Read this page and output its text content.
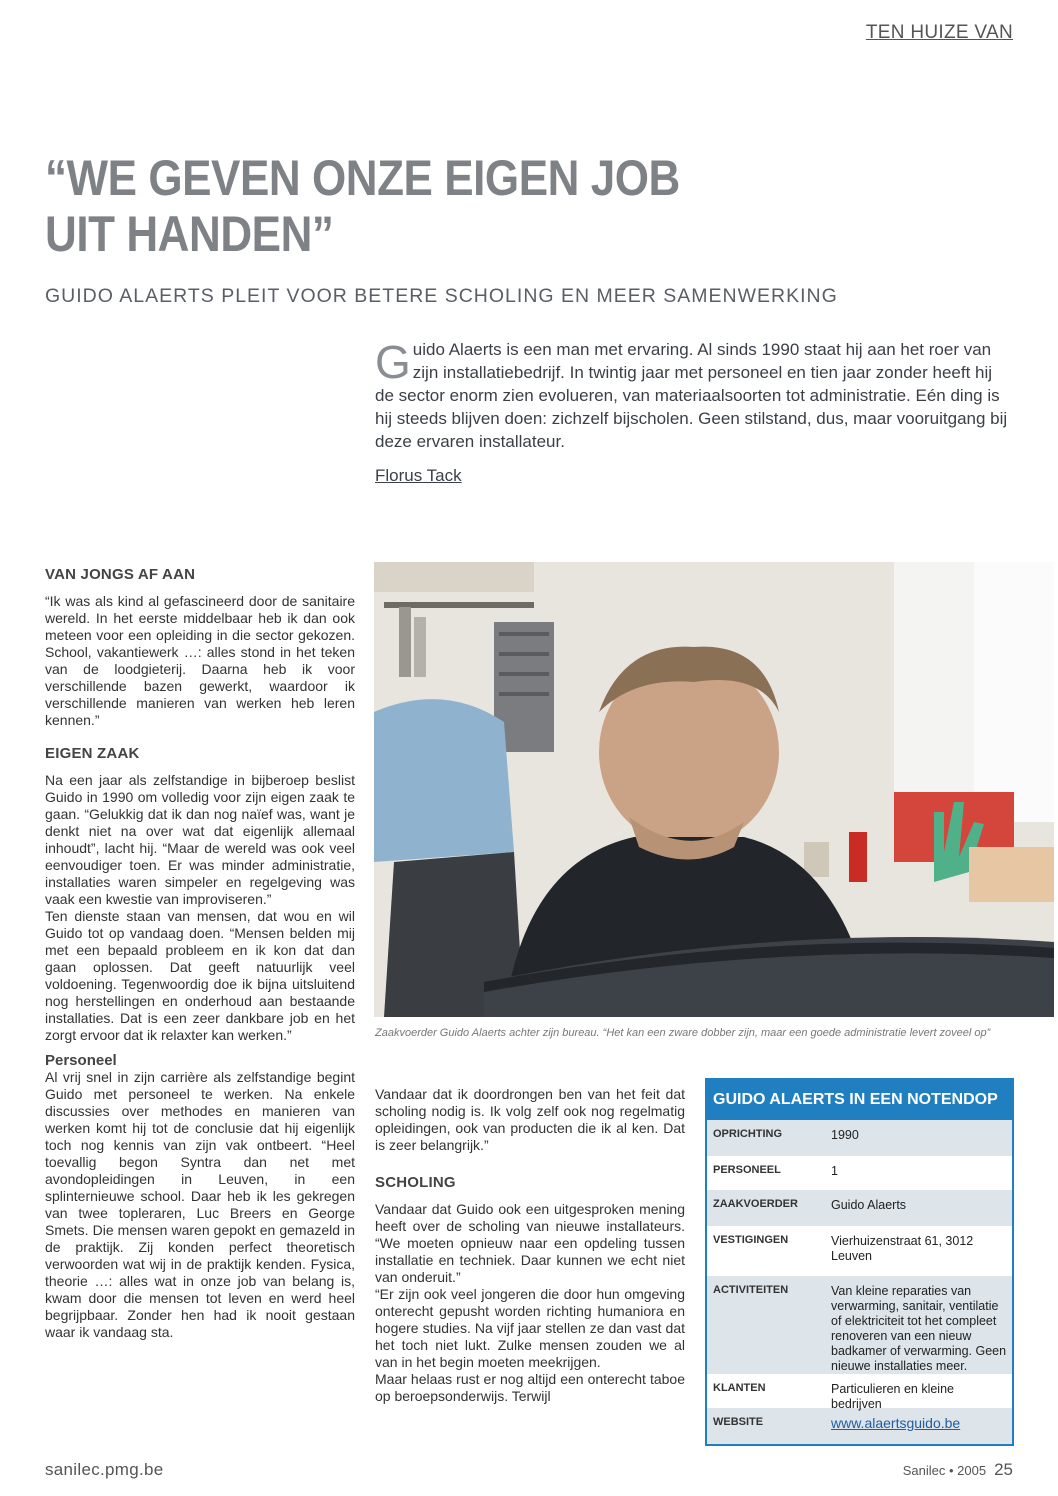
TEN HUIZE VAN
“WE GEVEN ONZE EIGEN JOB
UIT HANDEN”
GUIDO ALAERTS PLEIT VOOR BETERE SCHOLING EN MEER SAMENWERKING
Guido Alaerts is een man met ervaring. Al sinds 1990 staat hij aan het roer van zijn installatiebedrijf. In twintig jaar met personeel en tien jaar zonder heeft hij de sector enorm zien evolueren, van materiaalsoorten tot administratie. Eén ding is hij steeds blijven doen: zichzelf bijscholen. Geen stilstand, dus, maar vooruitgang bij deze ervaren installateur.
Florus Tack
VAN JONGS AF AAN

“Ik was als kind al gefascineerd door de sanitaire wereld. In het eerste middelbaar heb ik dan ook meteen voor een opleiding in die sector gekozen. School, vakantiewerk …: alles stond in het teken van de loodgieterij. Daarna heb ik voor verschillende bazen gewerkt, waardoor ik verschillende manieren van werken heb leren kennen.”

EIGEN ZAAK

Na een jaar als zelfstandige in bijberoep beslist Guido in 1990 om volledig voor zijn eigen zaak te gaan. “Gelukkig dat ik dan nog naïef was, want je denkt niet na over wat dat eigenlijk allemaal inhoudt”, lacht hij. “Maar de wereld was ook veel eenvoudiger toen. Er was minder administratie, installaties waren simpeler en regelgeving was vaak een kwestie van improviseren.”

Ten dienste staan van mensen, dat wou en wil Guido tot op vandaag doen. “Mensen belden mij met een bepaald probleem en ik kon dat dan gaan oplossen. Dat geeft natuurlijk veel voldoening. Tegenwoordig doe ik bijna uitsluitend nog herstellingen en onderhoud aan bestaande installaties. Dat is een zeer dankbare job en het zorgt ervoor dat ik relaxter kan werken.”

Personeel

Al vrij snel in zijn carrière als zelfstandige begint Guido met personeel te werken. Na enkele discussies over methodes en manieren van werken komt hij tot de conclusie dat hij eigenlijk toch nog kennis van zijn vak ontbeert. “Heel toevallig begon Syntra dan net met avondopleidingen in Leuven, in een splinternieuwe school. Daar heb ik les gekregen van twee topleraren, Luc Breers en George Smets. Die mensen waren gepokt en gemazeld in de praktijk. Zij konden perfect theoretisch verwoorden wat wij in de praktijk kenden. Fysica, theorie …: alles wat in onze job van belang is, kwam door die mensen tot leven en werd heel begrijpbaar. Zonder hen had ik nooit gestaan waar ik vandaag sta.

Zaakvoerder Guido Alaerts achter zijn bureau. “Het kan een zware dobber zijn, maar een goede administratie levert zoveel op”

Vandaar dat ik doordrongen ben van het feit dat scholing nodig is. Ik volg zelf ook nog regelmatig opleidingen, ook van producten die ik al ken. Dat is zeer belangrijk.”

SCHOLING

Vandaar dat Guido ook een uitgesproken mening heeft over de scholing van nieuwe installateurs. “We moeten opnieuw naar een opdeling tussen installatie en techniek. Daar kunnen we echt niet van onderuit.”

“Er zijn ook veel jongeren die door hun omgeving onterecht gepusht worden richting humaniora en hogere studies. Na vijf jaar stellen ze dan vast dat het toch niet lukt. Zulke mensen zouden we al van in het begin moeten meekrijgen.

Maar helaas rust er nog altijd een onterecht taboe op beroepsonderwijs. Terwijl

GUIDO ALAERTS IN EEN NOTENDOP
OPRICHTING	1990
PERSONEEL	1
ZAAKVOERDER	Guido Alaerts
VESTIGINGEN	Vierhuizenstraat 61, 3012 Leuven
ACTIVITEITEN	Van kleine reparaties van verwarming, sanitair, ventilatie of elektriciteit tot het compleet renoveren van een nieuw badkamer of verwarming. Geen nieuwe installaties meer.
KLANTEN	Particulieren en kleine bedrijven
WEBSITE	www.alaertsguido.be
sanilec.pmg.be	Sanilec • 2005 25
